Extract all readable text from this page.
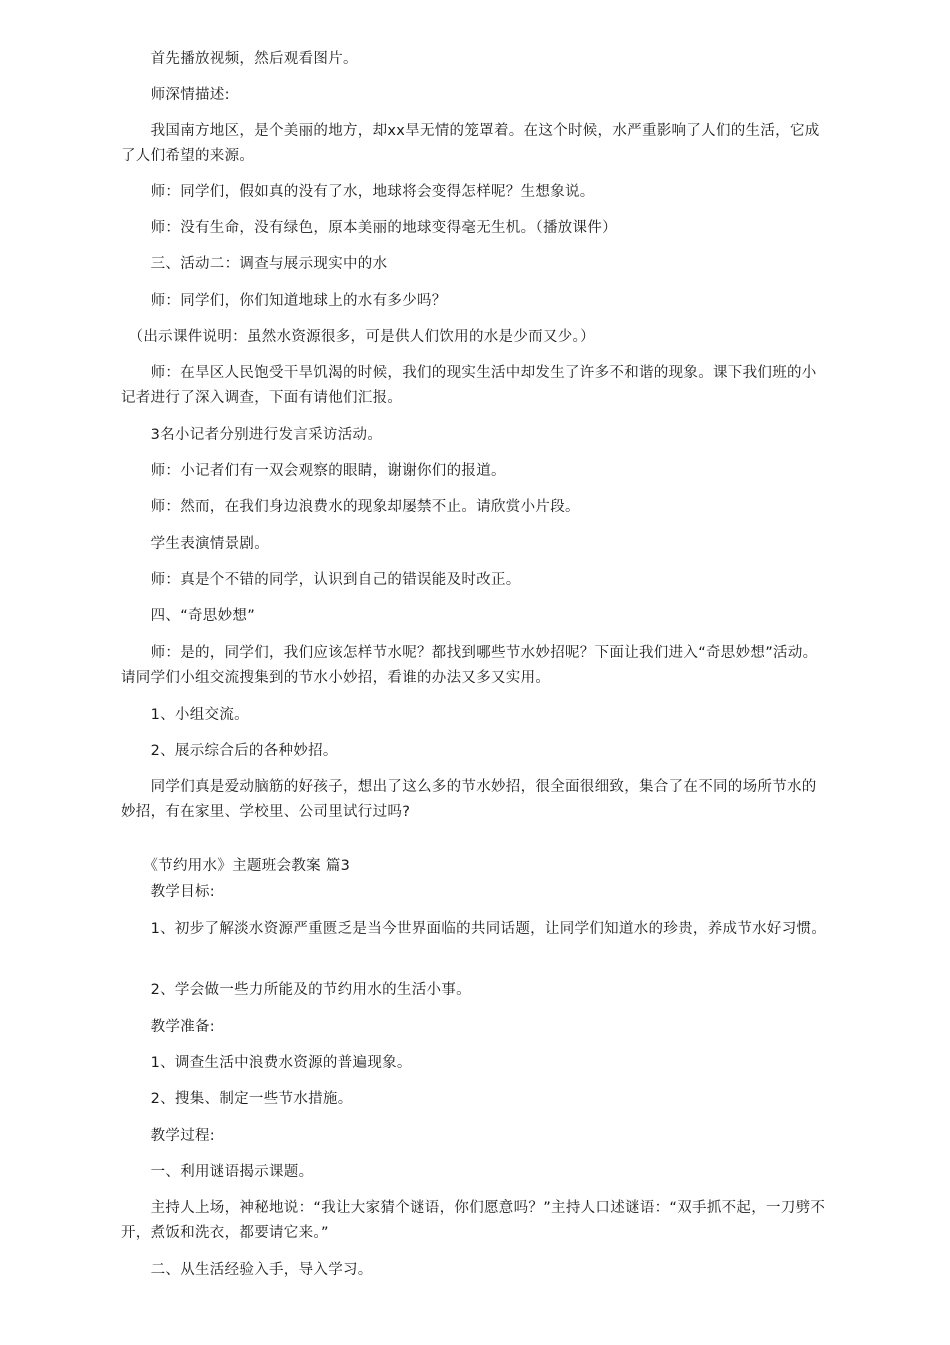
　　首先播放视频，然后观看图片。
　　师深情描述:
　　我国南方地区，是个美丽的地方，却xx旱无情的笼罩着。在这个时候，水严重影响了人们的生活，它成了人们希望的来源。
　　师：同学们，假如真的没有了水，地球将会变得怎样呢？生想象说。
　　师：没有生命，没有绿色，原本美丽的地球变得毫无生机。（播放课件）
　　三、活动二：调查与展示现实中的水
　　师：同学们，你们知道地球上的水有多少吗？
　（出示课件说明：虽然水资源很多，可是供人们饮用的水是少而又少。）
　　师：在旱区人民饱受干旱饥渴的时候，我们的现实生活中却发生了许多不和谐的现象。课下我们班的小记者进行了深入调查，下面有请他们汇报。
　　3名小记者分别进行发言采访活动。
　　师：小记者们有一双会观察的眼睛，谢谢你们的报道。
　　师：然而，在我们身边浪费水的现象却屡禁不止。请欣赏小片段。
　　学生表演情景剧。
　　师：真是个不错的同学，认识到自己的错误能及时改正。
　　四、“奇思妙想”
　　师：是的，同学们，我们应该怎样节水呢？都找到哪些节水妙招呢？下面让我们进入“奇思妙想”活动。请同学们小组交流搜集到的节水小妙招，看谁的办法又多又实用。
　　1、小组交流。
　　2、展示综合后的各种妙招。
　　同学们真是爱动脑筋的好孩子，想出了这么多的节水妙招，很全面很细致，集合了在不同的场所节水的妙招，有在家里、学校里、公司里试行过吗?
　　《节约用水》主题班会教案 篇3
　　教学目标:
　　1、初步了解淡水资源严重匮乏是当今世界面临的共同话题，让同学们知道水的珍贵，养成节水好习惯。
　　2、学会做一些力所能及的节约用水的生活小事。
　　教学准备:
　　1、调查生活中浪费水资源的普遍现象。
　　2、搜集、制定一些节水措施。
　　教学过程:
　　一、利用谜语揭示课题。
　　主持人上场，神秘地说：“我让大家猜个谜语，你们愿意吗？”主持人口述谜语：“双手抓不起，一刀劈不开，煮饭和洗衣，都要请它来。”
　　二、从生活经验入手，导入学习。
